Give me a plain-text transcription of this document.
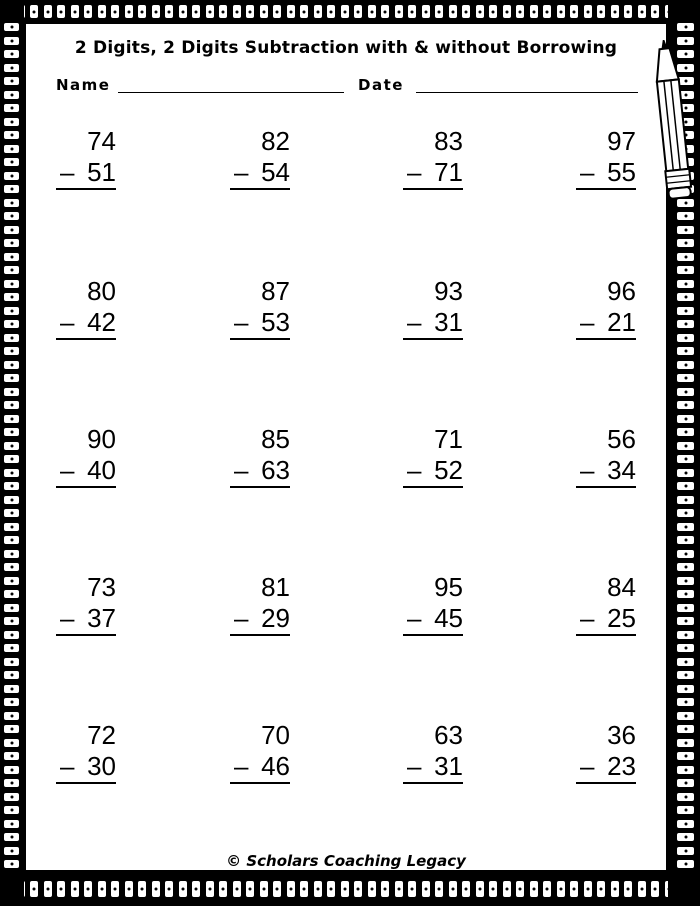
2 Digits, 2 Digits Subtraction with & without Borrowing
Name	Date
74
– 51
82
– 54
83
– 71
97
– 55
80
– 42
87
– 53
93
– 31
96
– 21
90
– 40
85
– 63
71
– 52
56
– 34
73
– 37
81
– 29
95
– 45
84
– 25
72
– 30
70
– 46
63
– 31
36
– 23
© Scholars Coaching Legacy
